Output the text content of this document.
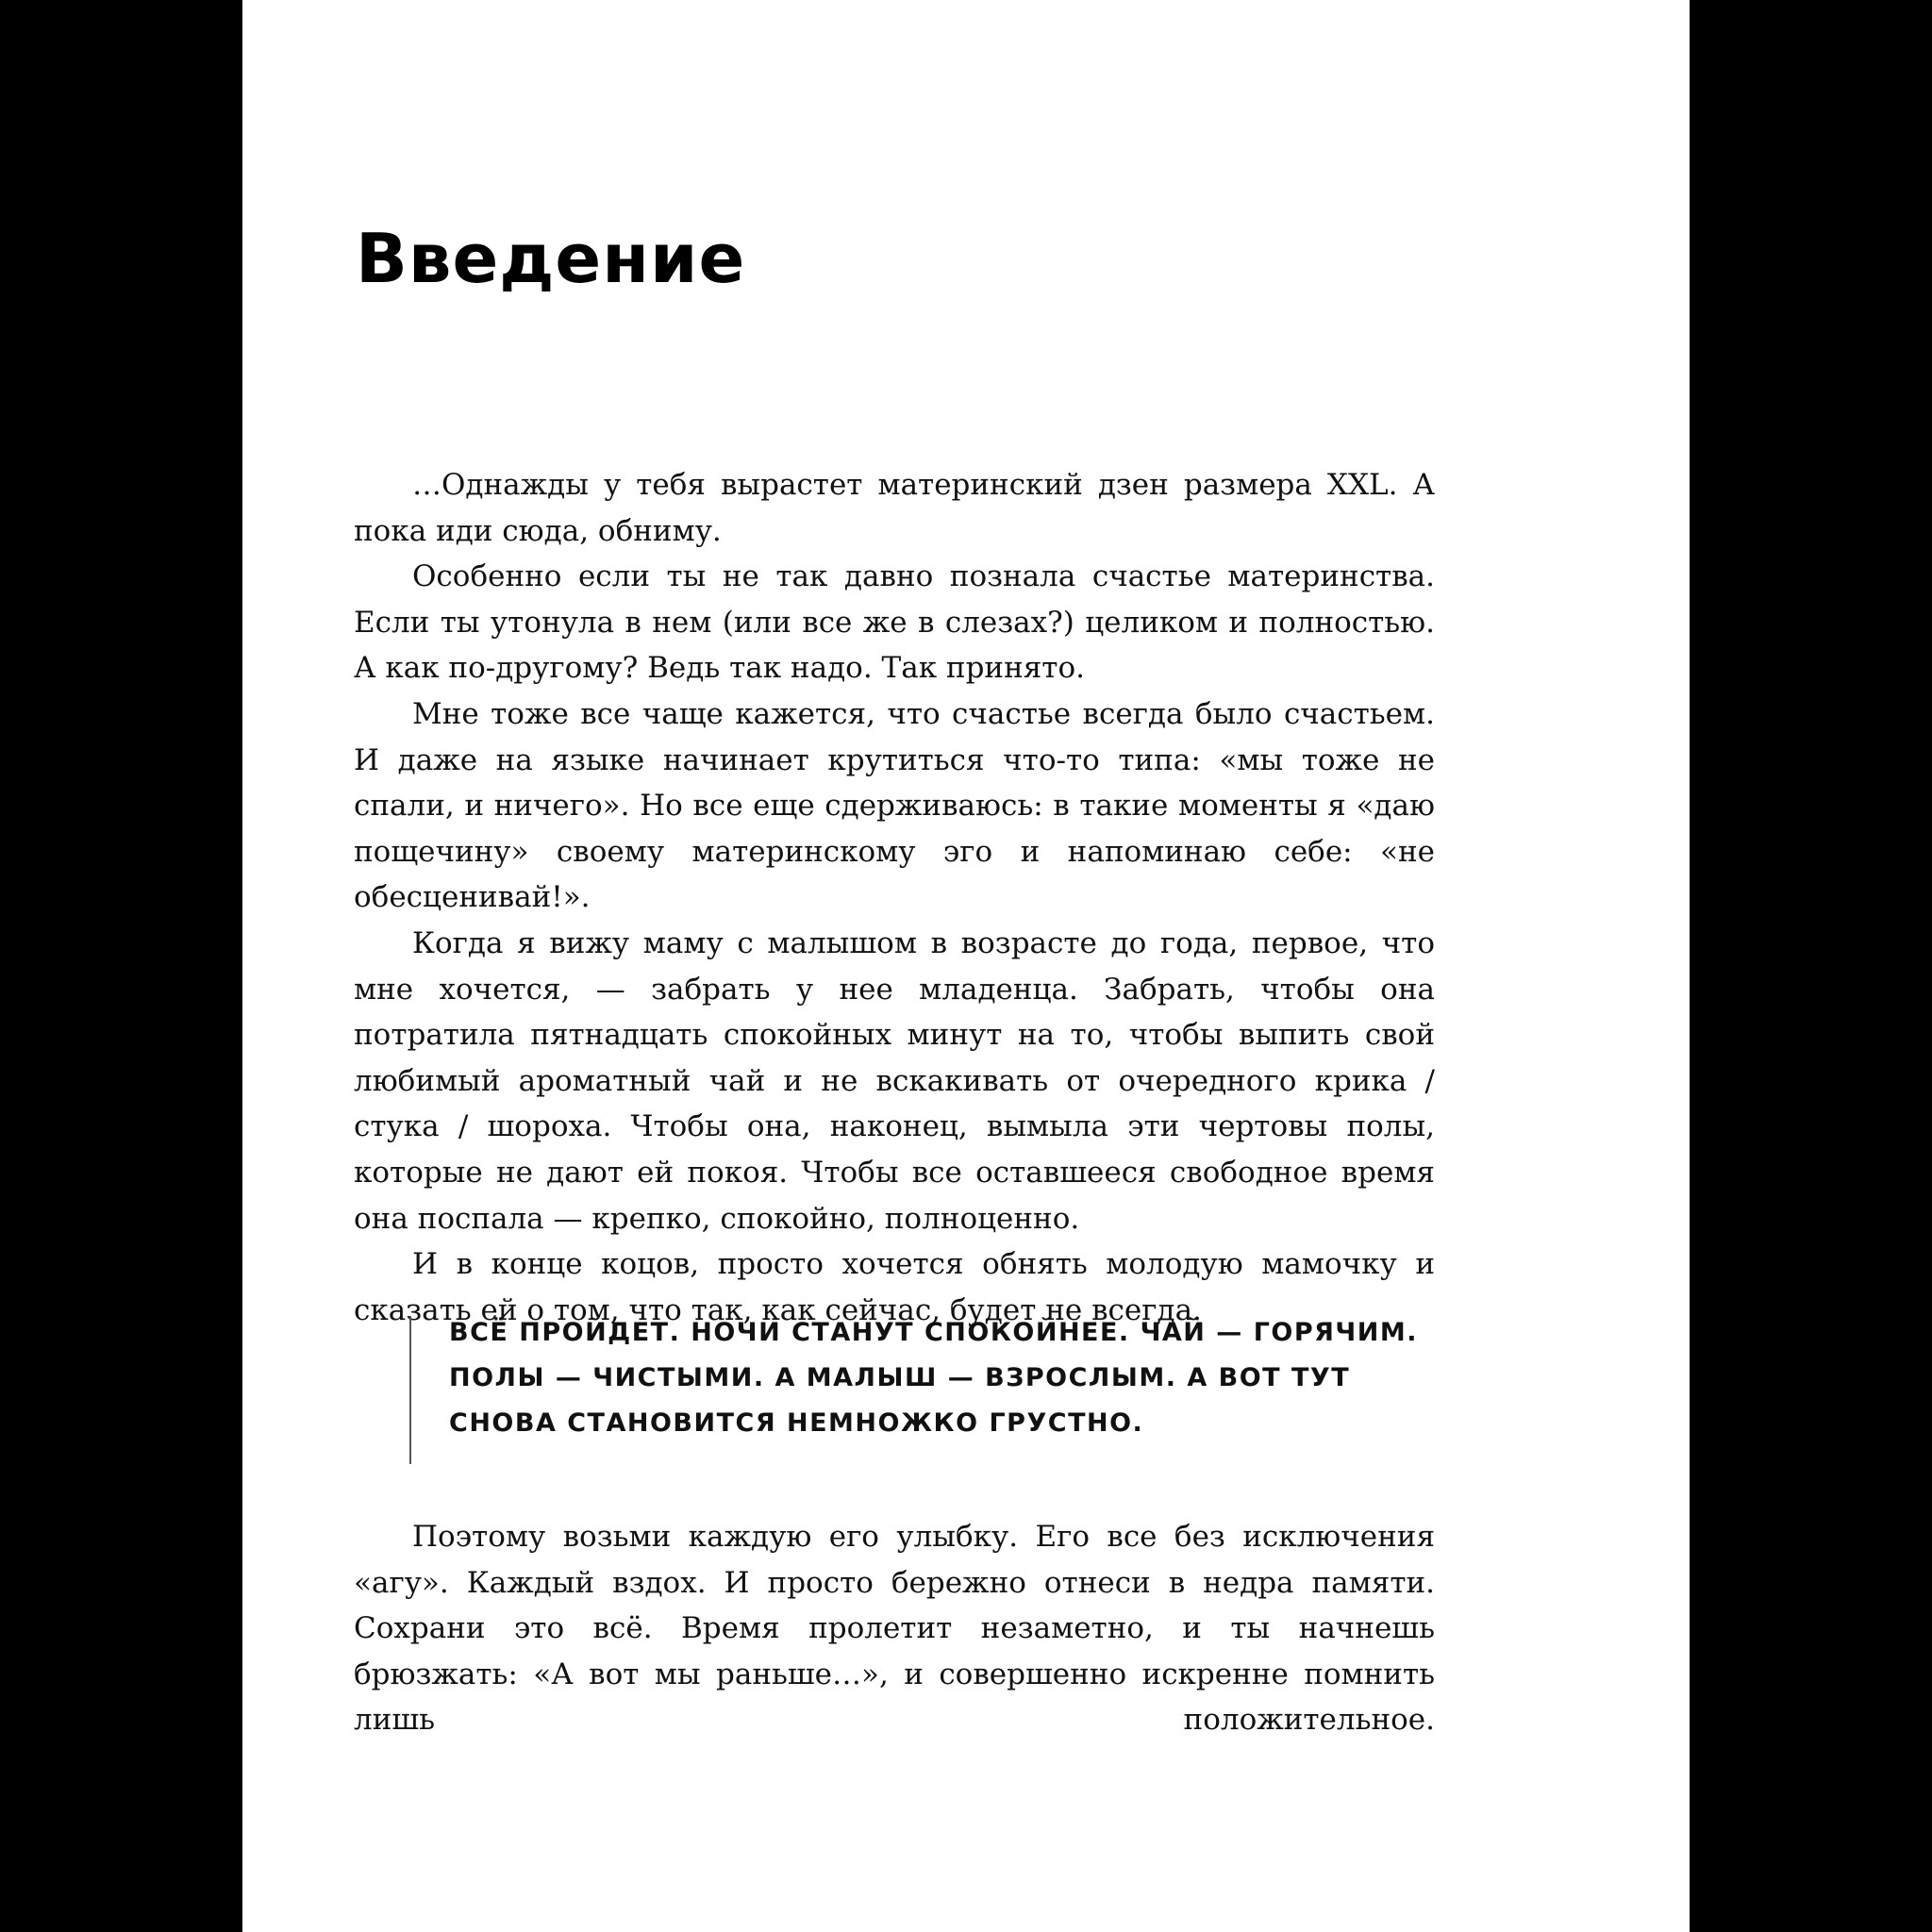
Введение

…Однажды у тебя вырастет материнский дзен размера XXL. А пока иди сюда, обниму.

Особенно если ты не так давно познала счастье материнства. Если ты утонула в нем (или все же в слезах?) целиком и полностью. А как по-другому? Ведь так надо. Так принято.

Мне тоже все чаще кажется, что счастье всегда было счастьем. И даже на языке начинает крутиться что-то типа: «мы тоже не спали, и ничего». Но все еще сдерживаюсь: в такие моменты я «даю пощечину» своему материнскому эго и напоминаю себе: «не обесценивай!».

Когда я вижу маму с малышом в возрасте до года, первое, что мне хочется, — забрать у нее младенца. Забрать, чтобы она потратила пятнадцать спокойных минут на то, чтобы выпить свой любимый ароматный чай и не вскакивать от очередного крика / стука / шороха. Чтобы она, наконец, вымыла эти чертовы полы, которые не дают ей покоя. Чтобы все оставшееся свободное время она поспала — крепко, спокойно, полноценно.

И в конце коцов, просто хочется обнять молодую мамочку и сказать ей о том, что так, как сейчас, будет не всегда.

ВСЁ ПРОЙДЕТ. НОЧИ СТАНУТ СПОКОЙНЕЕ. ЧАЙ — ГОРЯЧИМ. ПОЛЫ — ЧИСТЫМИ. А МАЛЫШ — ВЗРОСЛЫМ. А ВОТ ТУТ СНОВА СТАНОВИТСЯ НЕМНОЖКО ГРУСТНО.

Поэтому возьми каждую его улыбку. Его все без исключения «агу». Каждый вздох. И просто бережно отнеси в недра памяти. Сохрани это всё. Время пролетит незаметно, и ты начнешь брюзжать: «А вот мы раньше…», и совершенно искренне помнить лишь положительное.
